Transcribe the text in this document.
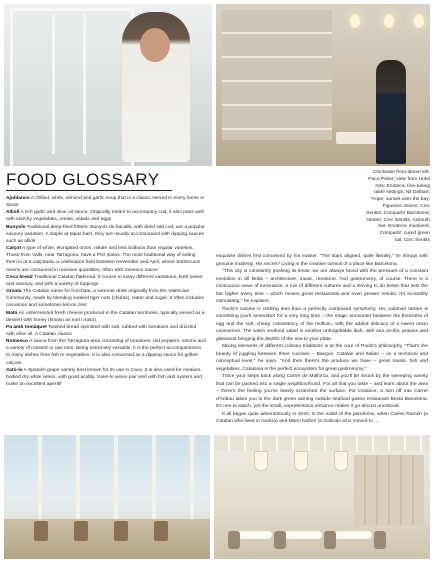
FOOD GLOSSARY
Ajoblanco A chilled, white, almond and garlic soup that is a classic served in every home in Spain
Allioli A rich garlic and olive oil sauce. Originally meant to accompany cod, it also pairs well with starchy vegetables, meats, salads and eggs
Bunyols Traditional deep-fried fritters. Bunyols de bacallà, with dried salt cod, are a popular savoury variation. A staple at tapas bars, they are usually accompanied with dipping sauces such as allioli
Calçot A type of white, elongated onion, milder and less bulbous than regular varieties. Those from Valls, near Tarragona, have a PGI status. The most traditional way of eating them is at a calçotada, a celebration held between November and April, where barbecued onions are consumed in massive quantities, often with romesco sauce
Coca bread Traditional Catalan flatbread. It comes in many different variations, both sweet and savoury, and with a variety of toppings
Orxata The Catalan name for horchata, a summer drink originally from the Valencian Community, made by blending soaked tiger nuts (chufas), water and sugar. It often includes cinnamon and sometimes lemon zest
Mató An unfermented fresh cheese produced in the Catalan territories, typically served as a dessert with honey (known as mel i mató)
Pa amb tomàquet Toasted bread sprinkled with salt, rubbed with tomatoes and drizzled with olive oil. A Catalan classic
Romesco A sauce from the Tarragona area consisting of tomatoes, red peppers, onions and a variety of roasted or raw nuts. Being extremely versatile, it is the perfect accompaniment to many dishes from fish to vegetables. It is also consumed as a dipping sauce for grilled calçots
Xató-lo A Spanish grape variety best known for its use in Cava. It is also used for medium-bodied dry white wines, with good acidity. Xarel-lo wines pair well with fish and oysters and make an excellent apéritif
Clockwise from above left:
Paco Pérez; view from Hotel
Arts; Enoteca; fine-tuning
table settings; Nil Dalbart;
Trope; sunset over the bay;
Figueres onions; Cinc
Sentits; Compartir Barcelona;
lobster; Cinc Sentits; Azimuth
bar; Enoteca; mackerel,
Compartir; cured green
tail, Cinc Sentits

exquisite dishes first conceived by his master. "The stars aligned, quite literally," he shrugs with genuine modesty. His secret? Living in the creative turmoil of a place like Barcelona.

"This city is constantly pushing its limits; we are always faced with the pressure of a constant evolution in all fields – architecture, music, medicine. And gastronomy, of course. There is a continuous wave of innovation, a mix of different cultures and a striving to do better that sets the bar higher every time – which means great restaurants and even greater results. It's incredibly stimulating," he explains.

Paolo's cuisine is nothing less than a perfectly composed symphony. His calamari tartare is something you'll remember for a very long time – the magic encounter between the thickness of egg and the soft, chewy consistency of the mollusc, with the added delicacy of a sweet onion consommé. The warm seafood salad is another unforgettable dish, with sea urchin, prawns and glasswort bringing the depths of the sea to your plate.

Mixing elements of different culinary traditions is at the core of Paolo's philosophy. "That's the beauty of juggling between three cuisines – Basque, Catalan and Italian – on a technical and conceptual level," he says. "And then there's the produce we have – great meats, fish and vegetables. Catalonia is the perfect ecosystem for great gastronomy."

Trace your steps back along Carrer de Mallorca, and you'll be struck by the sweeping variety that can be packed into a single neighbourhood. For all that you taste – and learn about the area – there's the feeling you've barely scratched the surface. For instance, a turn off into Carrer d'Aribau takes you to the dark green awning outside seafood gastro restaurant Besta Barcelona: it's one to watch, yet the small, unpretentious entrance makes it go almost unnoticed.

It all began quite adventurously in 2020, in the midst of the pandemic, when Carles Ramón (a Catalan who lived in Galicia) and Manu Núñez (a Galician who moved to →
